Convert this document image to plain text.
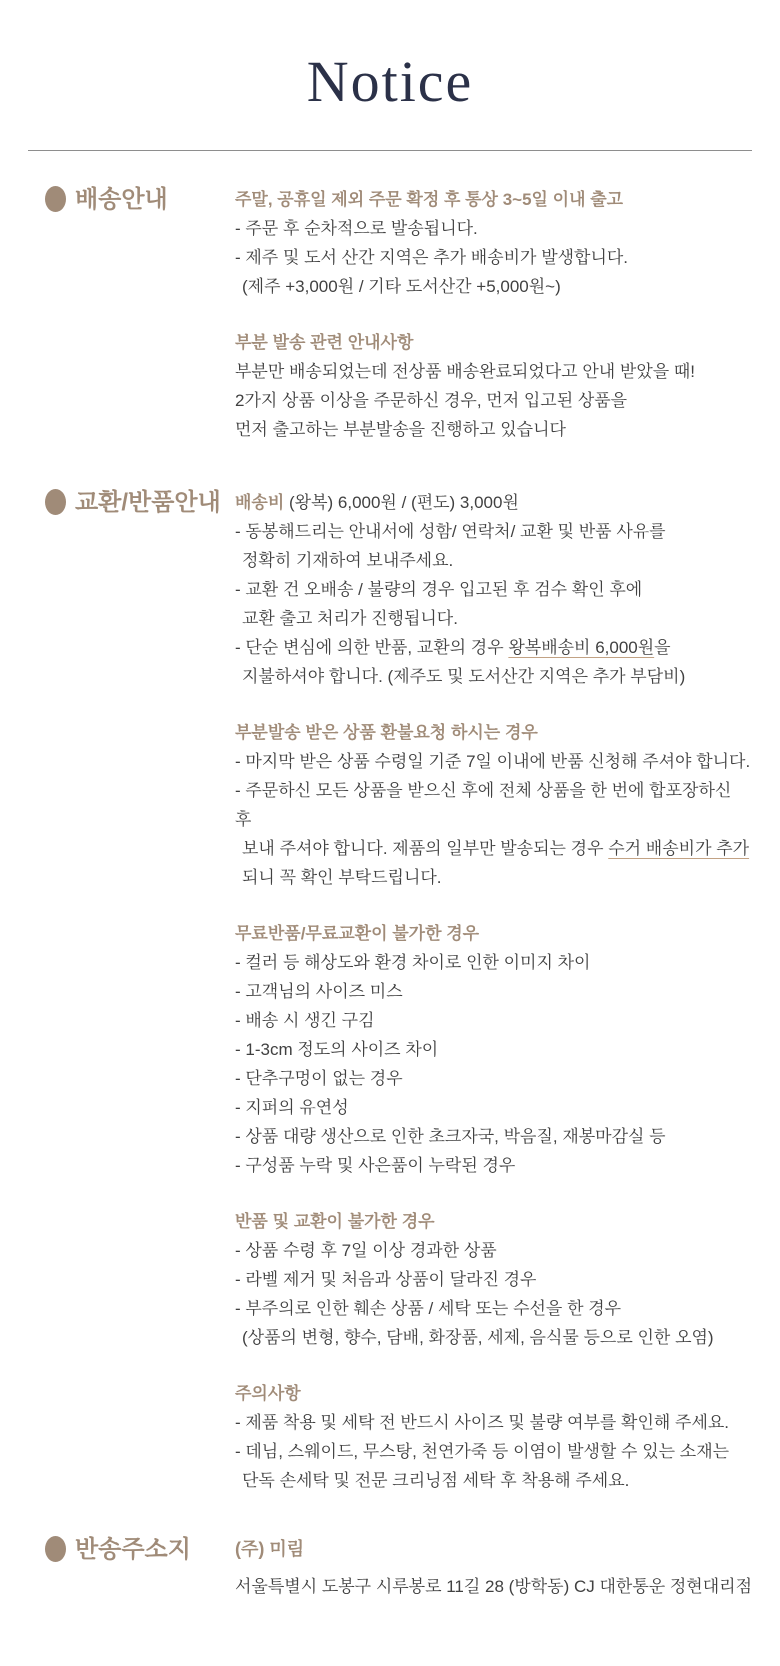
Notice
배송안내	주말, 공휴일 제외 주문 확정 후 통상 3~5일 이내 출고

- 주문 후 순차적으로 발송됩니다.

- 제주 및 도서 산간 지역은 추가 배송비가 발생합니다.

(제주 +3,000원 / 기타 도서산간 +5,000원~)

부분 발송 관련 안내사항

부분만 배송되었는데 전상품 배송완료되었다고 안내 받았을 때!

2가지 상품 이상을 주문하신 경우, 먼저 입고된 상품을

먼저 출고하는 부분발송을 진행하고 있습니다

교환/반품안내 배송비 (왕복) 6,000원 / (편도) 3,000원

- 동봉해드리는 안내서에 성함/ 연락처/ 교환 및 반품 사유를

정확히 기재하여 보내주세요.

- 교환 건 오배송 / 불량의 경우 입고된 후 검수 확인 후에

교환 출고 처리가 진행됩니다.

- 단순 변심에 의한 반품, 교환의 경우 왕복배송비 6,000원을

지불하셔야 합니다. (제주도 및 도서산간 지역은 추가 부담비)

부분발송 받은 상품 환불요청 하시는 경우

- 마지막 받은 상품 수령일 기준 7일 이내에 반품 신청해 주셔야 합니다.

- 주문하신 모든 상품을 받으신 후에 전체 상품을 한 번에 합포장하신 후

보내 주셔야 합니다. 제품의 일부만 발송되는 경우 수거 배송비가 추가

되니 꼭 확인 부탁드립니다.

무료반품/무료교환이 불가한 경우

- 컬러 등 해상도와 환경 차이로 인한 이미지 차이

- 고객님의 사이즈 미스

- 배송 시 생긴 구김

- 1-3cm 정도의 사이즈 차이

- 단추구멍이 없는 경우

- 지퍼의 유연성

- 상품 대량 생산으로 인한 초크자국, 박음질, 재봉마감실 등

- 구성품 누락 및 사은품이 누락된 경우

반품 및 교환이 불가한 경우

- 상품 수령 후 7일 이상 경과한 상품

- 라벨 제거 및 처음과 상품이 달라진 경우

- 부주의로 인한 훼손 상품 / 세탁 또는 수선을 한 경우

(상품의 변형, 향수, 담배, 화장품, 세제, 음식물 등으로 인한 오염)

주의사항

- 제품 착용 및 세탁 전 반드시 사이즈 및 불량 여부를 확인해 주세요.

- 데님, 스웨이드, 무스탕, 천연가죽 등 이염이 발생할 수 있는 소재는

단독 손세탁 및 전문 크리닝점 세탁 후 착용해 주세요.

반송주소지 (주) 미림

서울특별시 도봉구 시루봉로 11길 28 (방학동) CJ 대한통운 정현대리점
